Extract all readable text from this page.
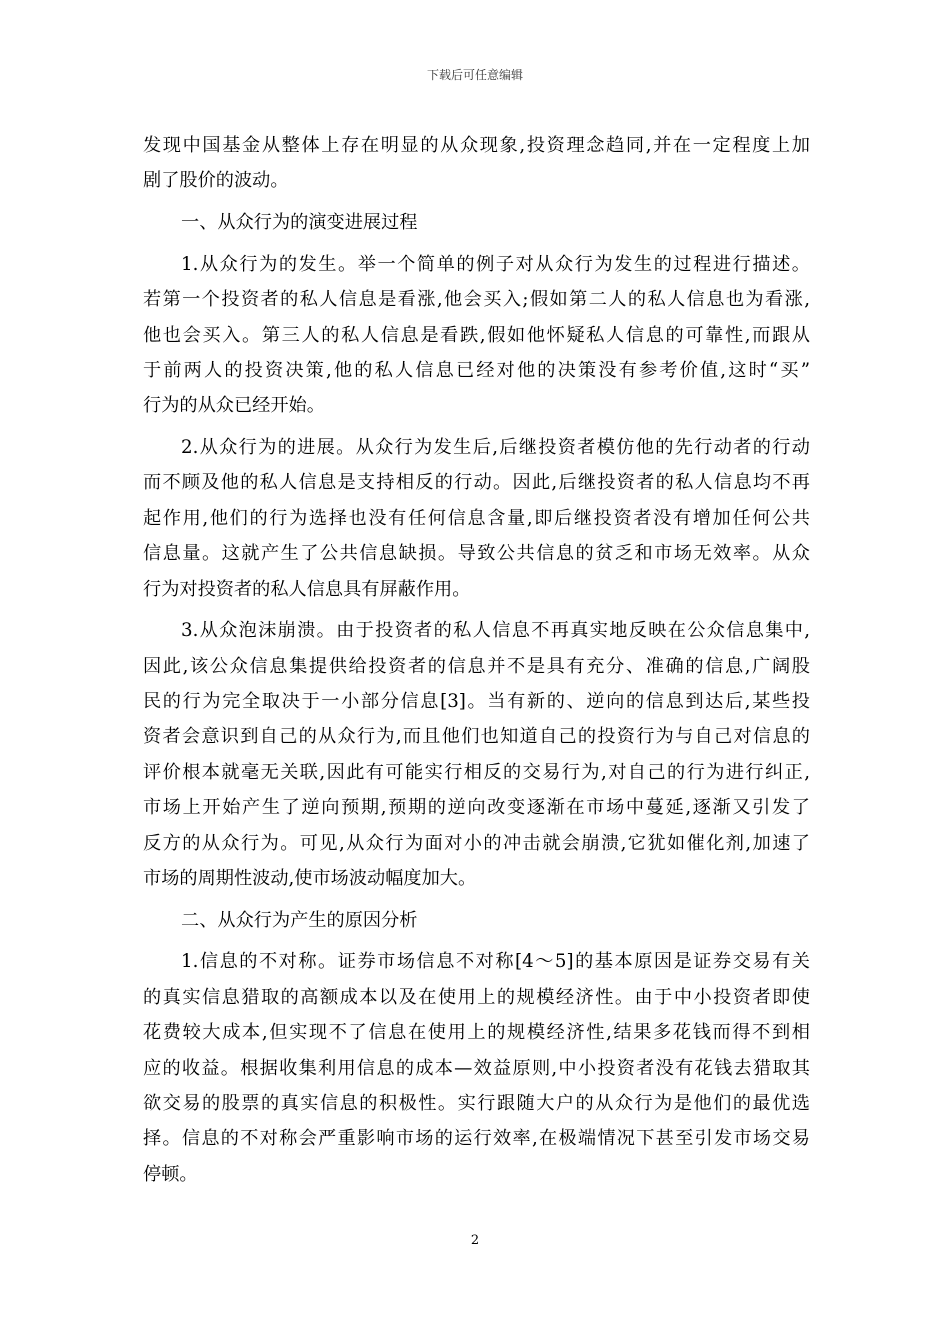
下载后可任意编辑
发现中国基金从整体上存在明显的从众现象,投资理念趋同,并在一定程度上加
剧了股价的波动。
一、从众行为的演变进展过程
1.从众行为的发生。举一个简单的例子对从众行为发生的过程进行描述。
若第一个投资者的私人信息是看涨,他会买入;假如第二人的私人信息也为看涨,
他也会买入。第三人的私人信息是看跌,假如他怀疑私人信息的可靠性,而跟从
于前两人的投资决策,他的私人信息已经对他的决策没有参考价值,这时“买”
行为的从众已经开始。
2.从众行为的进展。从众行为发生后,后继投资者模仿他的先行动者的行动
而不顾及他的私人信息是支持相反的行动。因此,后继投资者的私人信息均不再
起作用,他们的行为选择也没有任何信息含量,即后继投资者没有增加任何公共
信息量。这就产生了公共信息缺损。导致公共信息的贫乏和市场无效率。从众
行为对投资者的私人信息具有屏蔽作用。
3.从众泡沫崩溃。由于投资者的私人信息不再真实地反映在公众信息集中,
因此,该公众信息集提供给投资者的信息并不是具有充分、准确的信息,广阔股
民的行为完全取决于一小部分信息[3]。当有新的、逆向的信息到达后,某些投
资者会意识到自己的从众行为,而且他们也知道自己的投资行为与自己对信息的
评价根本就毫无关联,因此有可能实行相反的交易行为,对自己的行为进行纠正,
市场上开始产生了逆向预期,预期的逆向改变逐渐在市场中蔓延,逐渐又引发了
反方的从众行为。可见,从众行为面对小的冲击就会崩溃,它犹如催化剂,加速了
市场的周期性波动,使市场波动幅度加大。
二、从众行为产生的原因分析
1.信息的不对称。证券市场信息不对称[4～5]的基本原因是证券交易有关
的真实信息猎取的高额成本以及在使用上的规模经济性。由于中小投资者即使
花费较大成本,但实现不了信息在使用上的规模经济性,结果多花钱而得不到相
应的收益。根据收集利用信息的成本—效益原则,中小投资者没有花钱去猎取其
欲交易的股票的真实信息的积极性。实行跟随大户的从众行为是他们的最优选
择。信息的不对称会严重影响市场的运行效率,在极端情况下甚至引发市场交易
停顿。
2
